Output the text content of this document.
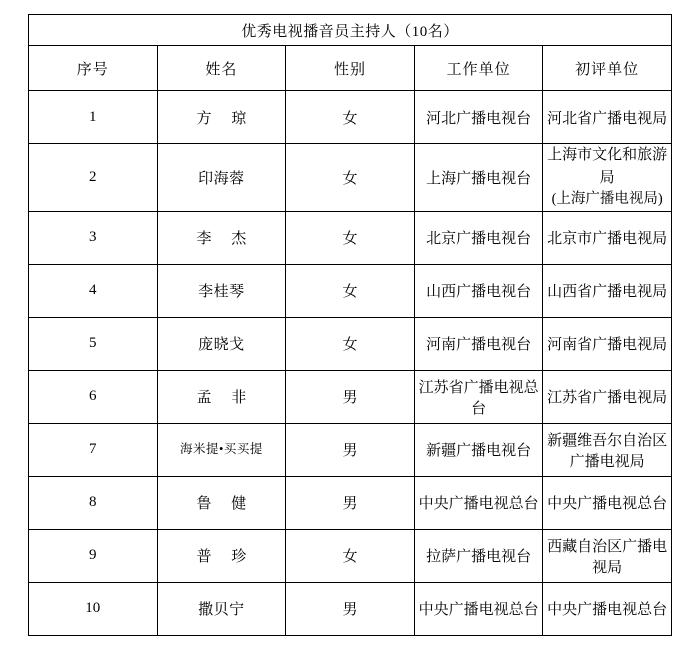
优秀电视播音员主持人（10名）				
序号	姓名	性别	工作单位	初评单位
1	方 琼	女	河北广播电视台	河北省广播电视局
2	印海蓉	女	上海广播电视台	上海市文化和旅游局
(上海广播电视局)

3	李 杰	女	北京广播电视台	北京市广播电视局
4	李桂琴	女	山西广播电视台	山西省广播电视局
5	庞晓戈	女	河南广播电视台	河南省广播电视局
6	孟 非	男	江苏省广播电视总台	江苏省广播电视局
7	海米提•买买提	男	新疆广播电视台	新疆维吾尔自治区广播电视局
8	鲁 健	男	中央广播电视总台	中央广播电视总台
9	普 珍	女	拉萨广播电视台	西藏自治区广播电视局
10	撒贝宁	男	中央广播电视总台	中央广播电视总台
